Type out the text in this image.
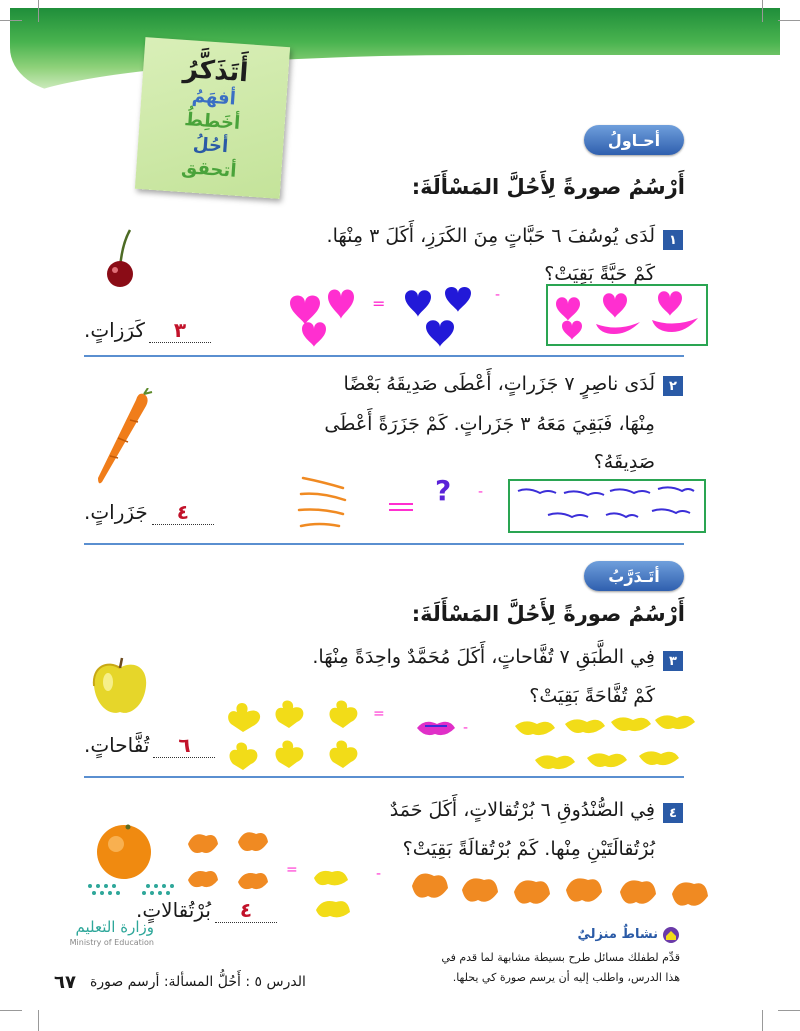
أَتَذَكَّرُ
أفهَمُ
أخَطِطُ
أحُلُ
أتحقق
أحـاولُ
أَرْسُمُ صورةً لِأَحُلَّ المَسْأَلَةَ:
١
لَدَى يُوسُفَ ٦ حَبَّاتٍ مِنَ الكَرَزِ، أَكَلَ ٣ مِنْهَا.
كَمْ حَبَّةً بَقِيَتْ؟
=	-
٣
كَرَزاتٍ.
٢
لَدَى ناصِرٍ ٧ جَزَراتٍ، أَعْطَى صَدِيقَهُ بَعْضًا
مِنْهَا، فَبَقِيَ مَعَهُ ٣ جَزَراتٍ. كَمْ جَزَرَةً أَعْطَى
صَدِيقَهُ؟
? -
٤
جَزَراتٍ.
أتَـدَرَّبُ
أَرْسُمُ صورةً لِأَحُلَّ المَسْأَلَةَ:
٣
فِي الطَّبَقِ ٧ تُفَّاحاتٍ، أَكَلَ مُحَمَّدٌ واحِدَةً مِنْهَا.
كَمْ تُفَّاحَةً بَقِيَتْ؟
=
-
٦
تُفَّاحاتٍ.
٤
فِي الصُّنْدُوقِ ٦ بُرْتُقالاتٍ، أَكَلَ حَمَدٌ
بُرْتُقالَتَيْنِ مِنْها. كَمْ بُرْتُقالَةً بَقِيَتْ؟
=	-
٤
بُرْتُقالاتٍ.
وزارة التعليم
Ministry of Education
نشاطٌ منزليٌ
قدِّم لطفلك مسائل طرح بسيطة مشابهة لما قدم في
هذا الدرس، واطلب إليه أن يرسم صورة كي يحلها.
٦٧ الدرس ٥ : أَحُلُّ المسألة: أرسم صورة
